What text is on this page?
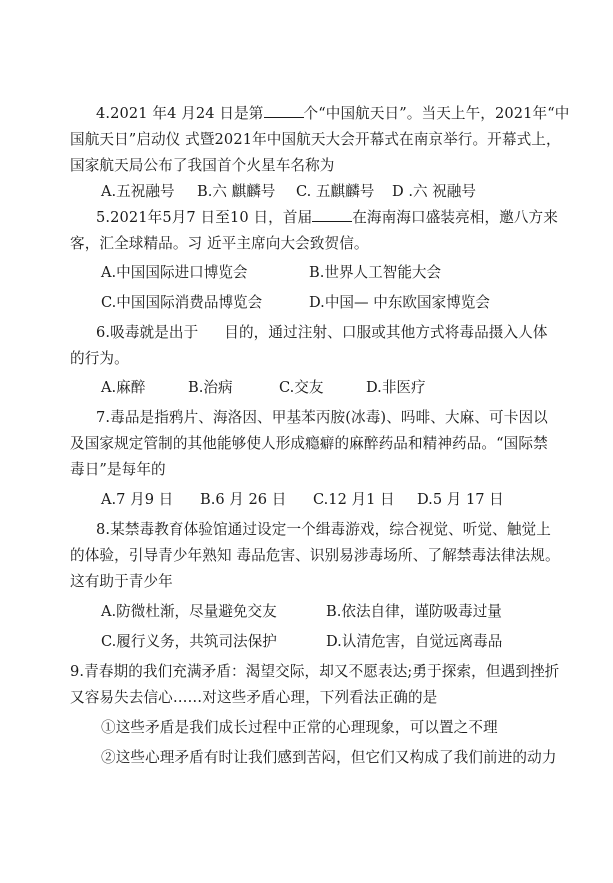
4.2021 年4 月24 日是第	个“中国航天日”。当天上午，2021年“中
国航天日”启动仪 式暨2021年中国航天大会开幕式在南京举行。开幕式上，
国家航天局公布了我国首个火星车名称为
A.五祝融号 B.六 麒麟号 C. 五麒麟号 D .六 祝融号
5.2021年5月7 日至10 日，首届	在海南海口盛装亮相，邀八方来
客，汇全球精品。习 近平主席向大会致贺信。
A.中国国际进口博览会	B.世界人工智能大会
C.中国国际消费品博览会	D.中国— 中东欧国家博览会
6.吸毒就是出于 目的，通过注射、口服或其他方式将毒品摄入人体
的行为。
A.麻醉	B.治病	C.交友	D.非医疗
7.毒品是指鸦片、海洛因、甲基苯丙胺(冰毒)、吗啡、大麻、可卡因以
及国家规定管制的其他能够使人形成瘾癖的麻醉药品和精神药品。“国际禁
毒日”是每年的
A.7 月9 日 B.6 月 26 日 C.12 月1 日 D.5 月 17 日
8.某禁毒教育体验馆通过设定一个缉毒游戏，综合视觉、听觉、触觉上
的体验，引导青少年熟知 毒品危害、识别易涉毒场所、了解禁毒法律法规。
这有助于青少年
A.防微杜渐，尽量避免交友	B.依法自律，谨防吸毒过量
C.履行义务，共筑司法保护	D.认清危害，自觉远离毒品
9.青春期的我们充满矛盾：渴望交际，却又不愿表达;勇于探索，但遇到挫折
又容易失去信心……对这些矛盾心理，下列看法正确的是
①这些矛盾是我们成长过程中正常的心理现象，可以置之不理
②这些心理矛盾有时让我们感到苦闷，但它们又构成了我们前进的动力
